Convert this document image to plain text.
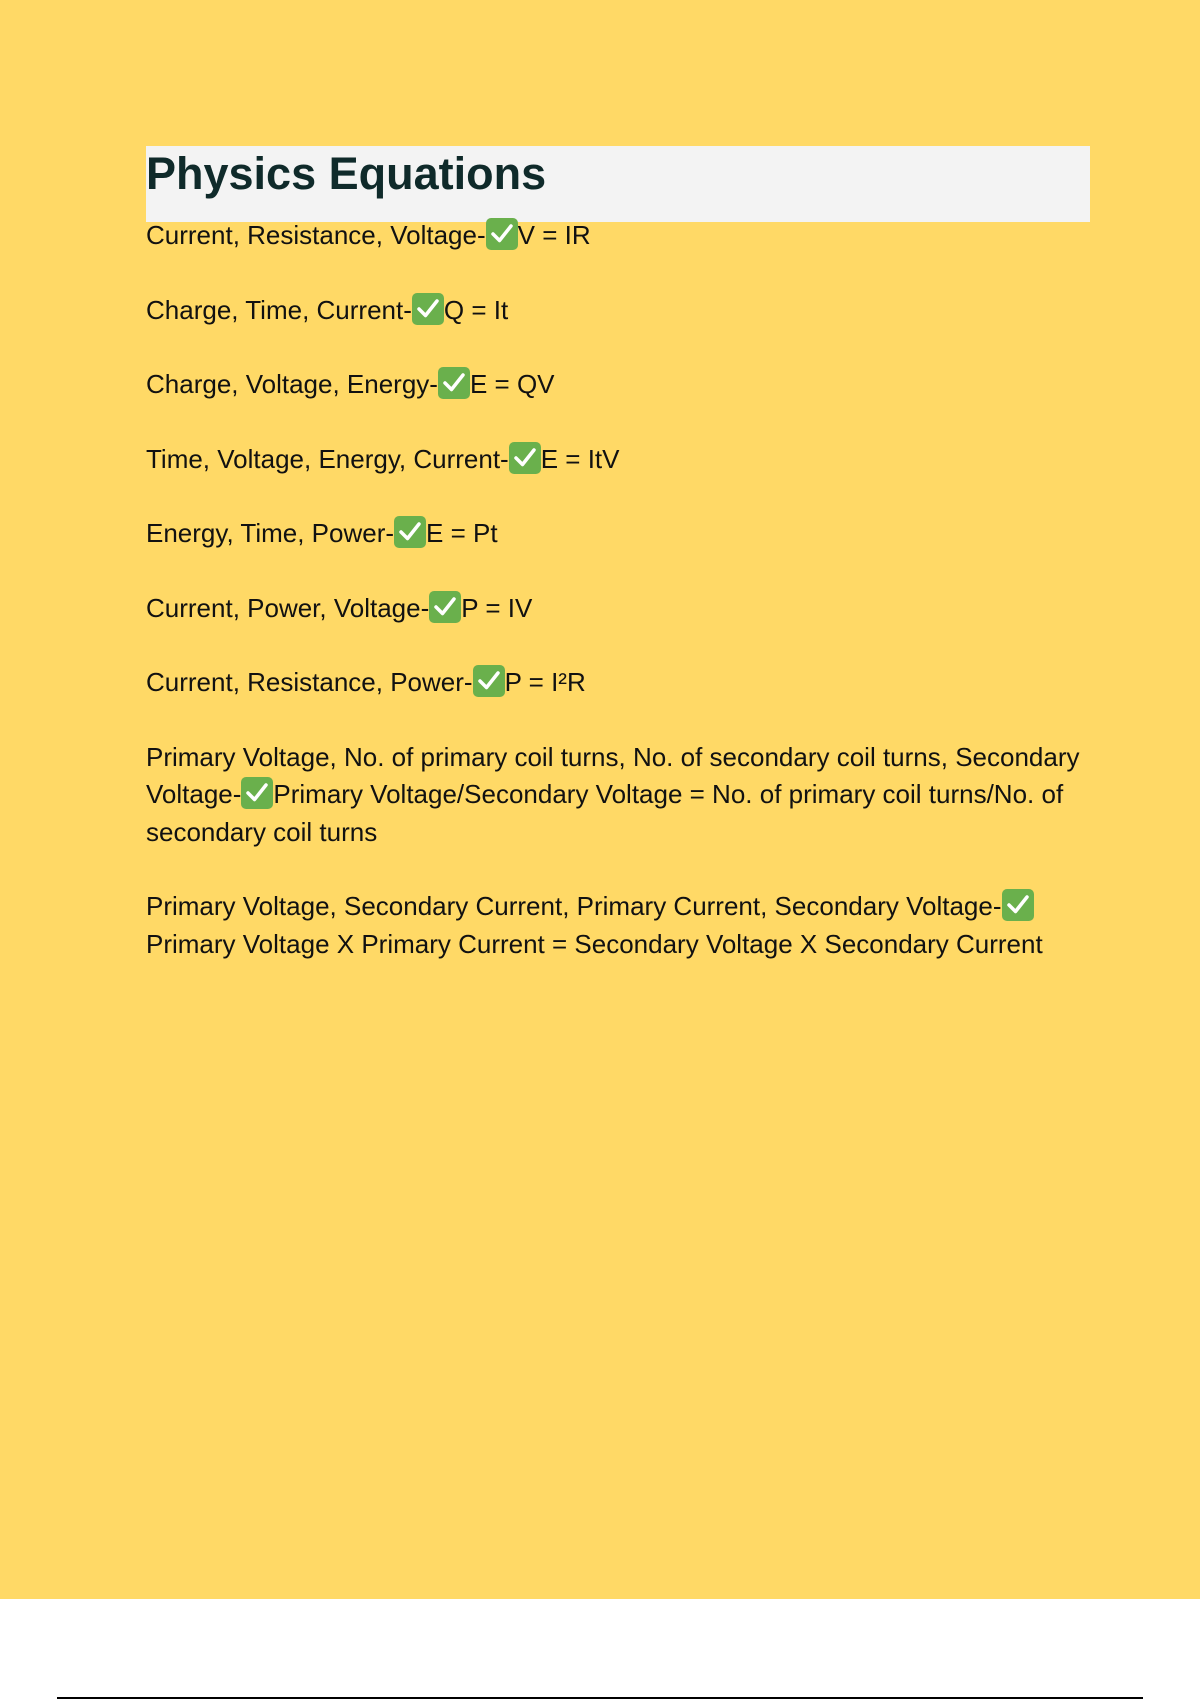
Physics Equations
Current, Resistance, Voltage- V = IR
Charge, Time, Current- Q = It
Charge, Voltage, Energy- E = QV
Time, Voltage, Energy, Current- E = ItV
Energy, Time, Power- E = Pt
Current, Power, Voltage- P = IV
Current, Resistance, Power- P = I²R
Primary Voltage, No. of primary coil turns, No. of secondary coil turns, Secondary Voltage- Primary Voltage/Secondary Voltage = No. of primary coil turns/No. of secondary coil turns
Primary Voltage, Secondary Current, Primary Current, Secondary Voltage-
Primary Voltage X Primary Current = Secondary Voltage X Secondary Current
